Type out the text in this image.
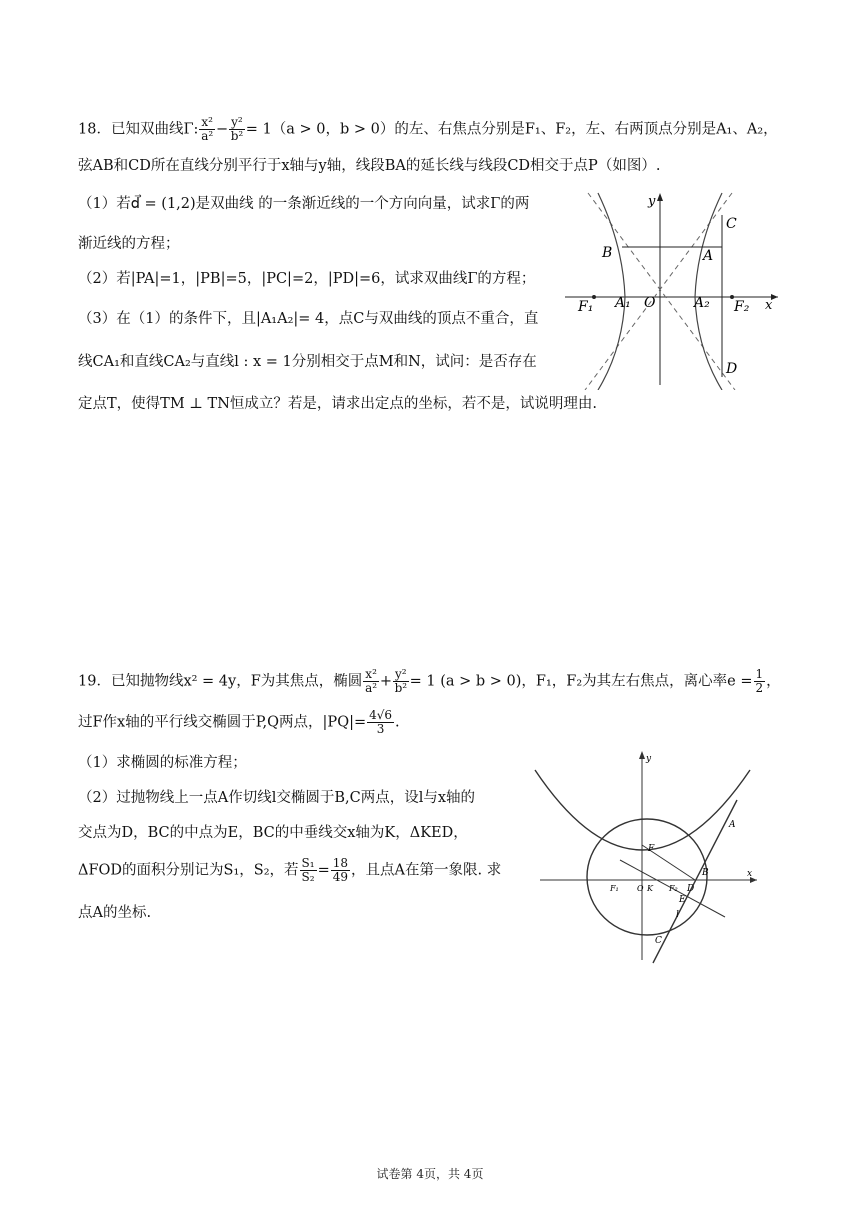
18．已知双曲线Γ: $\frac{\text{x²}}{\text{a²}} - \frac{\text{y²}}{\text{b²}} = 1(a > 0$，b > 0）的左、右焦点分别是F₁、F₂，左、右两顶点分别是A₁、A₂，
弦AB和CD所在直线分别平行于x轴与y轴，线段BA的延长线与线段CD相交于点P（如图）.
（1）若d⃗ = (1,2)是双曲线 的一条渐近线的一个方向向量，试求Γ的两
渐近线的方程；
（2）若|PA|=1，|PB|=5，|PC|=2，|PD|=6，试求双曲线Γ的方程；
（3）在（1）的条件下，且|A₁A₂|= 4，点C与双曲线的顶点不重合，直
线CA₁和直线CA₂与直线l : x = 1分别相交于点M和N，试问：是否存在
定点T，使得TM ⊥ TN恒成立？若是，请求出定点的坐标，若不是，试说明理由.
y
x
B	A
C
D
F₁	F₂
A₁ O	A₂
19．已知抛物线x² = 4y，F为其焦点，椭圆 $\frac{\text{x²}}{\text{a²}} + \frac{\text{y²}}{\text{b²}} = 1$ (a > b > 0)，F₁，F₂为其左右焦点，离心率$e = \frac{1}{2}$ ，
过F作x轴的平行线交椭圆于P,Q两点，$|PQ|= \frac{4√6}{3}$ .
（1）求椭圆的标准方程；
（2）过抛物线上一点A作切线l交椭圆于B,C两点，设l与x轴的
交点为D，BC的中点为E，BC的中垂线交x轴为K，ΔKED，
ΔFOD的面积分别记为S₁，S₂，若 $\frac{\text{S₁}}{\text{S₂}} = \frac{18}{49}$ ，且点A在第一象限. 求
点A的坐标.
y
x
A
B
C
D
E
F
F₁	F₂
O K
l
试卷第 4页，共 4页
